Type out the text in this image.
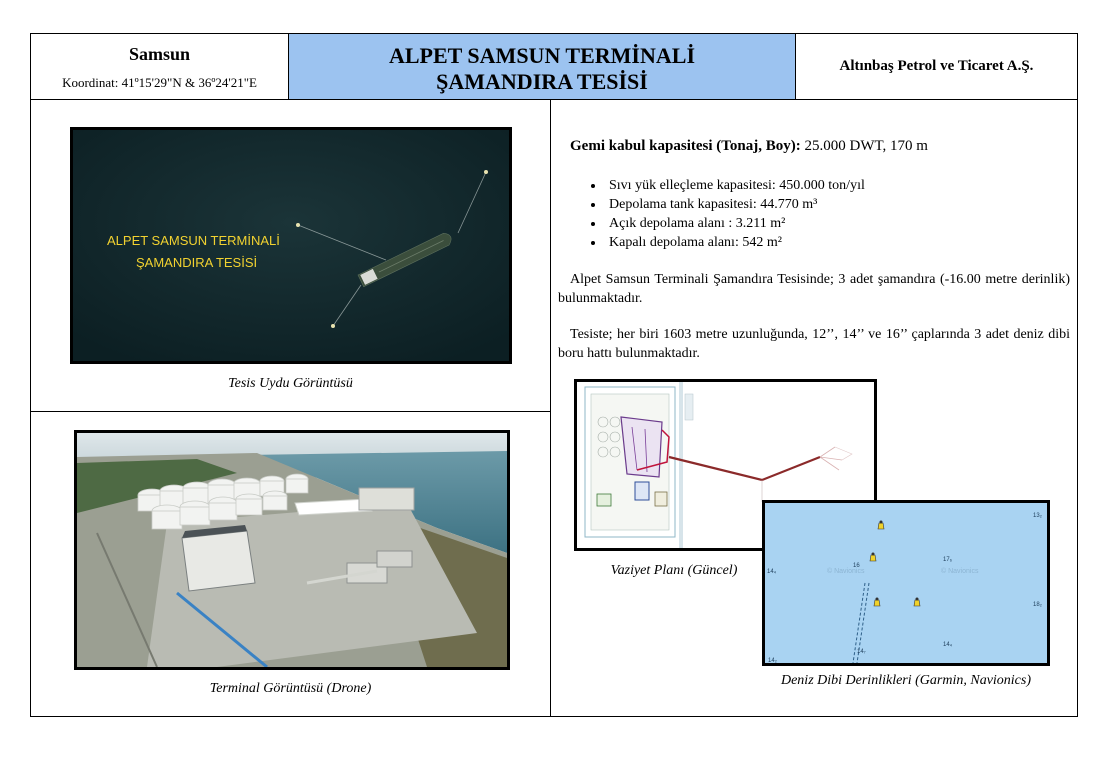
Samsun
Koordinat: 41º15'29"N & 36º24'21"E
ALPET SAMSUN TERMİNALİ
ŞAMANDIRA TESİSİ
Altınbaş Petrol ve Ticaret A.Ş.
ALPET SAMSUN TERMİNALİ
ŞAMANDIRA TESİSİ
Tesis Uydu Görüntüsü
Terminal Görüntüsü (Drone)
Gemi kabul kapasitesi (Tonaj, Boy): 25.000 DWT, 170 m
• Sıvı yük elleçleme kapasitesi: 450.000 ton/yıl
• Depolama tank kapasitesi: 44.770 m³
• Açık depolama alanı : 3.211 m²
• Kapalı depolama alanı: 542 m²
Alpet Samsun Terminali Şamandıra Tesisinde; 3 adet şamandıra (-16.00 metre derinlik) bulunmaktadır.
Tesiste; her biri 1603 metre uzunluğunda, 12’’, 14’’ ve 16’’ çaplarında 3 adet deniz dibi boru hattı bulunmaktadır.
Vaziyet Planı (Güncel)	© Navionics	© Navionics
13₂
17₆
16
14₄
18₂
14₄
14₇
14₂
Deniz Dibi Derinlikleri (Garmin, Navionics)
